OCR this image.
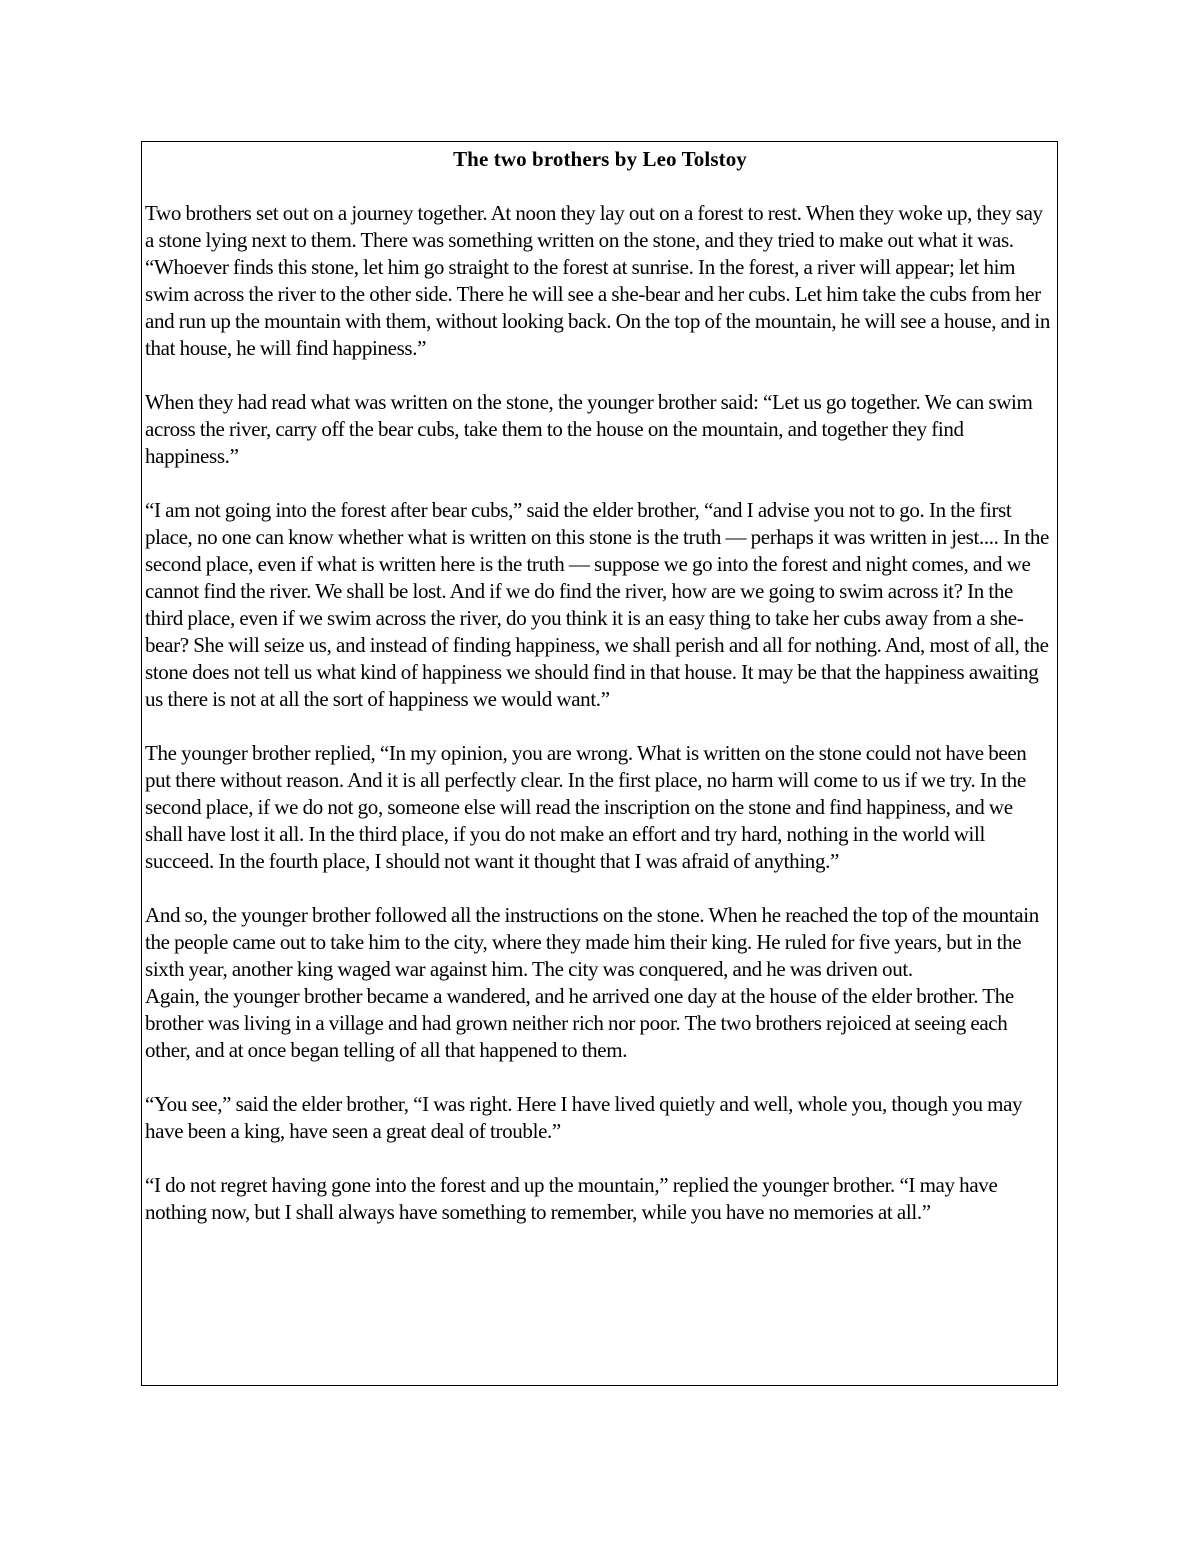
The two brothers by Leo Tolstoy

Two brothers set out on a journey together. At noon they lay out on a forest to rest. When they woke up, they say a stone lying next to them. There was something written on the stone, and they tried to make out what it was.

“Whoever finds this stone, let him go straight to the forest at sunrise. In the forest, a river will appear; let him swim across the river to the other side. There he will see a she-bear and her cubs. Let him take the cubs from her and run up the mountain with them, without looking back. On the top of the mountain, he will see a house, and in that house, he will find happiness.”

When they had read what was written on the stone, the younger brother said: “Let us go together. We can swim across the river, carry off the bear cubs, take them to the house on the mountain, and together they find happiness.”

“I am not going into the forest after bear cubs,” said the elder brother, “and I advise you not to go. In the first place, no one can know whether what is written on this stone is the truth — perhaps it was written in jest.... In the second place, even if what is written here is the truth — suppose we go into the forest and night comes, and we cannot find the river. We shall be lost. And if we do find the river, how are we going to swim across it? In the third place, even if we swim across the river, do you think it is an easy thing to take her cubs away from a she-bear? She will seize us, and instead of finding happiness, we shall perish and all for nothing. And, most of all, the stone does not tell us what kind of happiness we should find in that house. It may be that the happiness awaiting us there is not at all the sort of happiness we would want.”

The younger brother replied, “In my opinion, you are wrong. What is written on the stone could not have been put there without reason. And it is all perfectly clear. In the first place, no harm will come to us if we try. In the second place, if we do not go, someone else will read the inscription on the stone and find happiness, and we shall have lost it all. In the third place, if you do not make an effort and try hard, nothing in the world will succeed. In the fourth place, I should not want it thought that I was afraid of anything.”

And so, the younger brother followed all the instructions on the stone. When he reached the top of the mountain the people came out to take him to the city, where they made him their king. He ruled for five years, but in the sixth year, another king waged war against him. The city was conquered, and he was driven out.

Again, the younger brother became a wandered, and he arrived one day at the house of the elder brother. The brother was living in a village and had grown neither rich nor poor. The two brothers rejoiced at seeing each other, and at once began telling of all that happened to them.

“You see,” said the elder brother, “I was right. Here I have lived quietly and well, whole you, though you may have been a king, have seen a great deal of trouble.”

“I do not regret having gone into the forest and up the mountain,” replied the younger brother. “I may have nothing now, but I shall always have something to remember, while you have no memories at all.”
